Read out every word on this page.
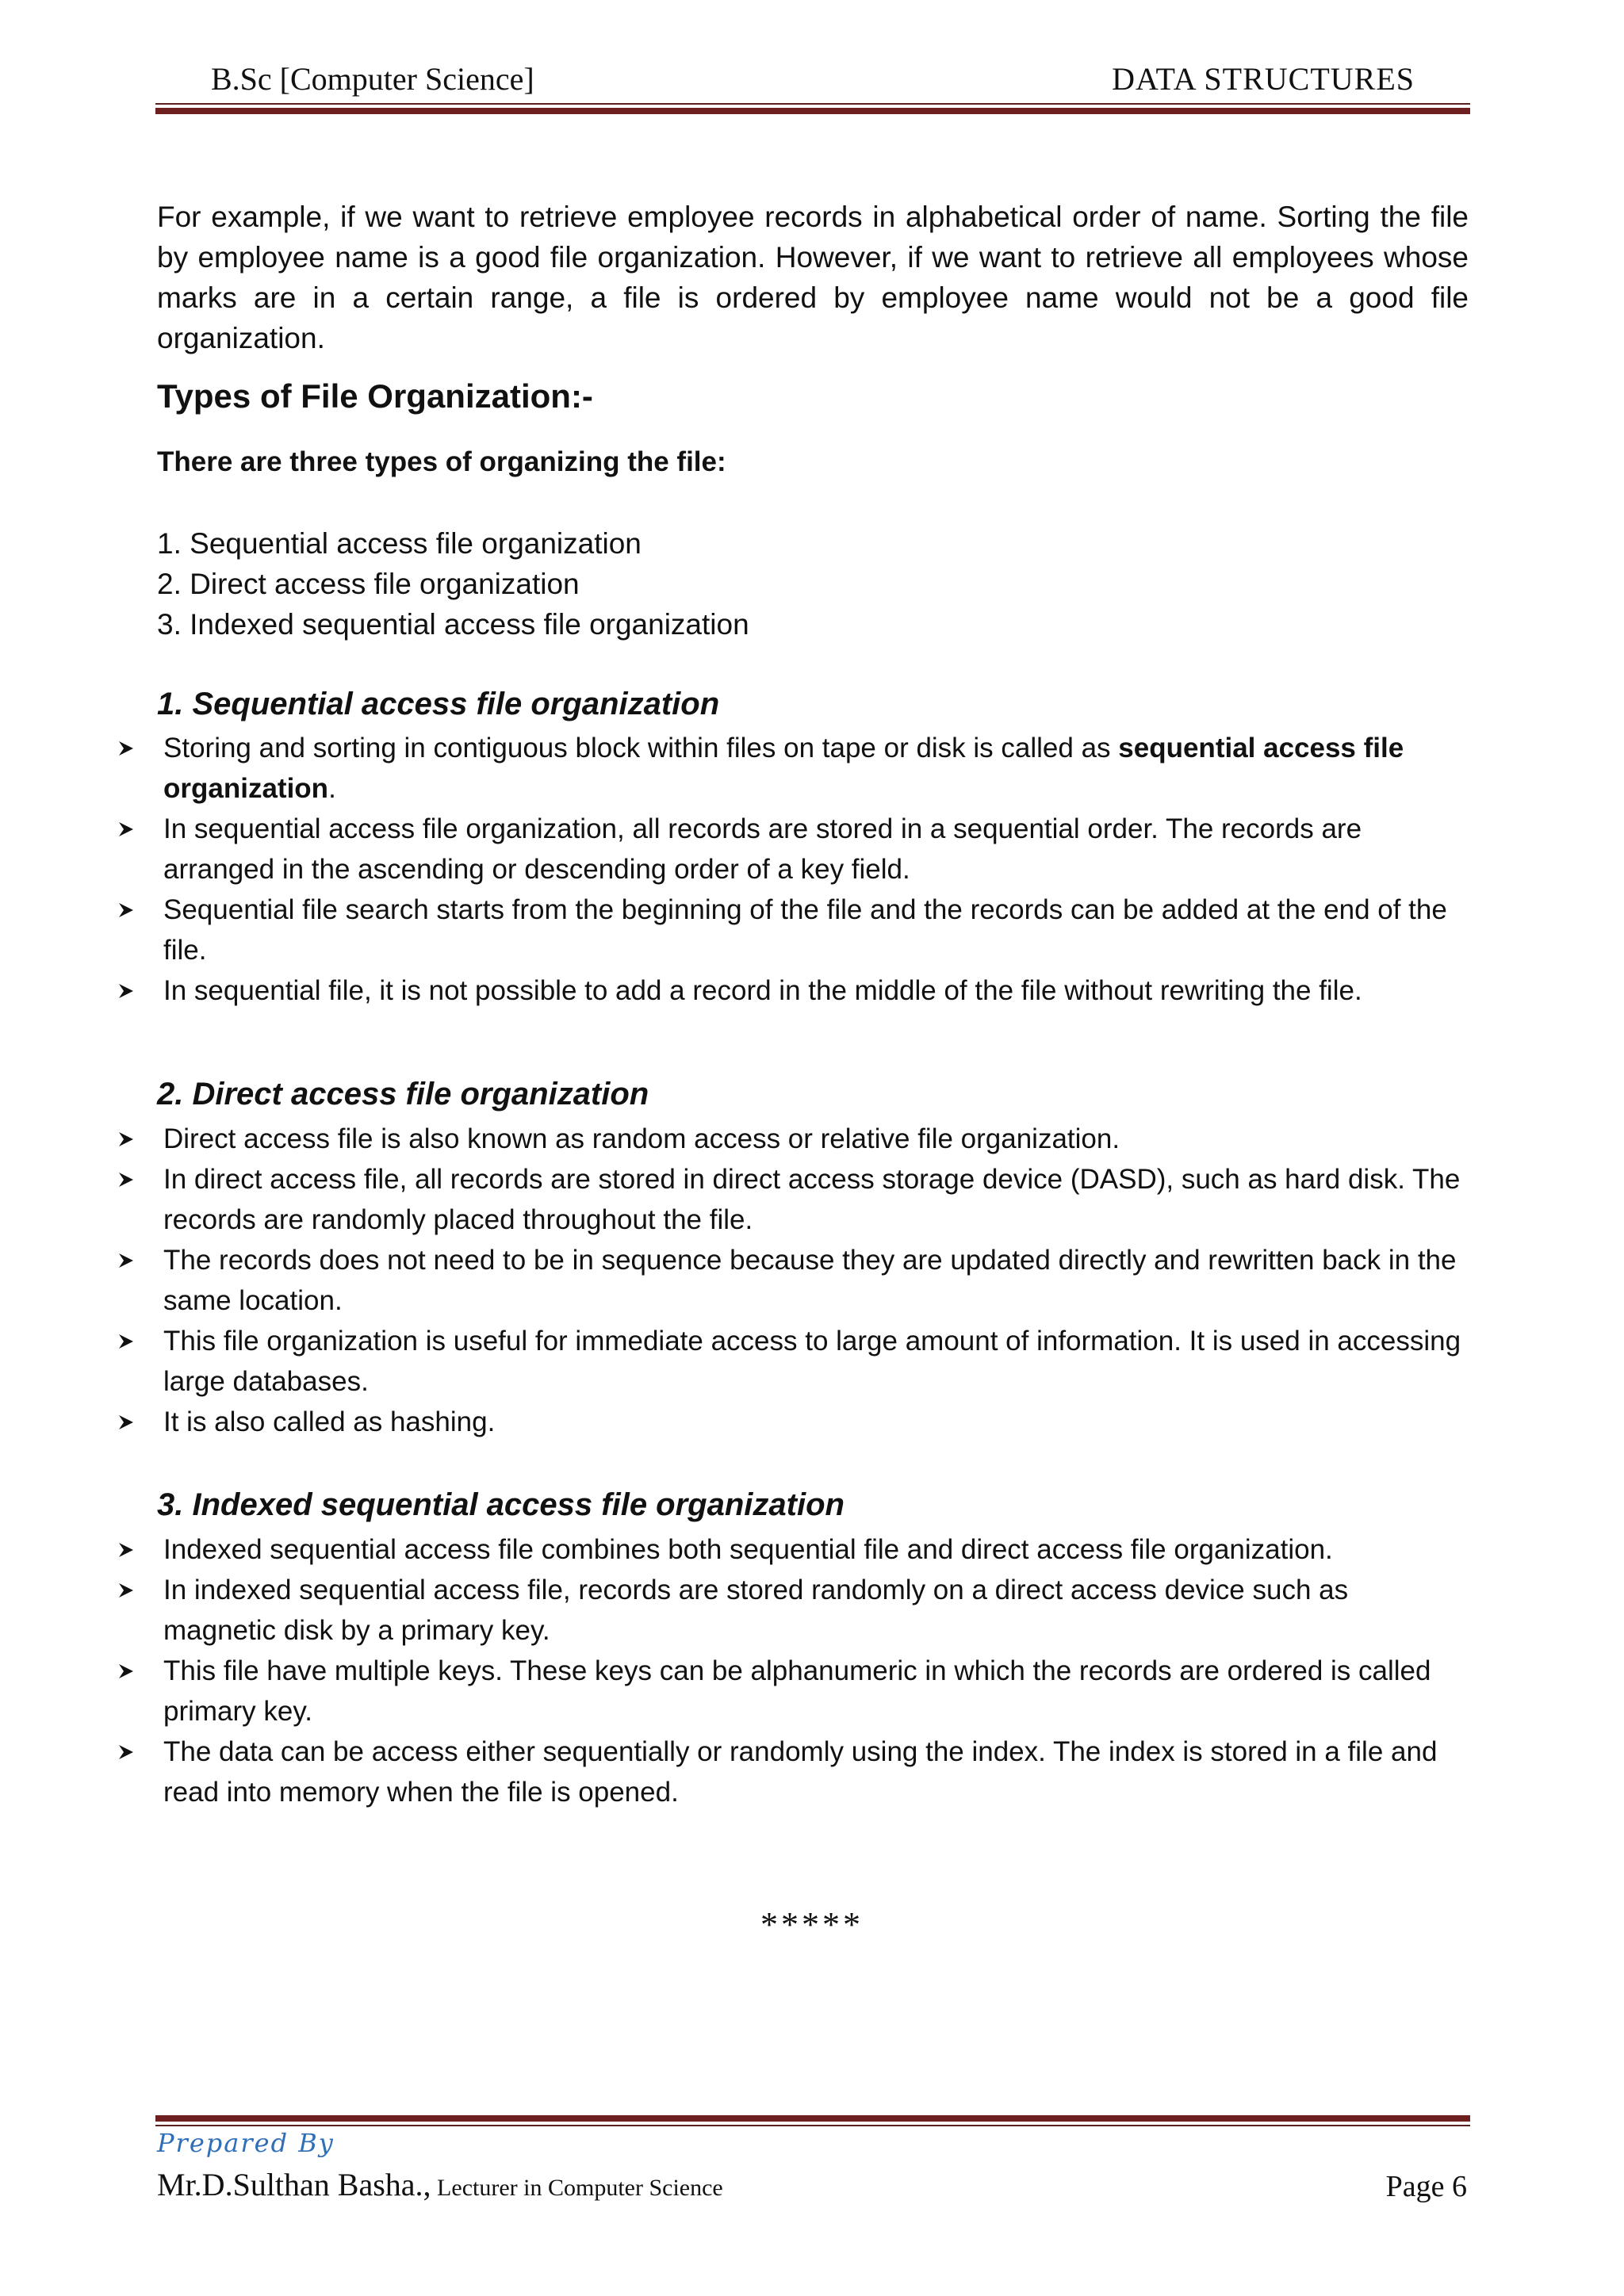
B.Sc [Computer Science]	DATA STRUCTURES

For example, if we want to retrieve employee records in alphabetical order of name. Sorting the file by employee name is a good file organization. However, if we want to retrieve all employees whose marks are in a certain range, a file is ordered by employee name would not be a good file organization.

Types of File Organization:-
There are three types of organizing the file:
1. Sequential access file organization
2. Direct access file organization
3. Indexed sequential access file organization
1. Sequential access file organization
Storing and sorting in contiguous block within files on tape or disk is called as sequential access file organization.
In sequential access file organization, all records are stored in a sequential order. The records are arranged in the ascending or descending order of a key field.
Sequential file search starts from the beginning of the file and the records can be added at the end of the file.
In sequential file, it is not possible to add a record in the middle of the file without rewriting the file.
2. Direct access file organization
Direct access file is also known as random access or relative file organization.
In direct access file, all records are stored in direct access storage device (DASD), such as hard disk. The records are randomly placed throughout the file.
The records does not need to be in sequence because they are updated directly and rewritten back in the same location.
This file organization is useful for immediate access to large amount of information. It is used in accessing large databases.
It is also called as hashing.
3. Indexed sequential access file organization
Indexed sequential access file combines both sequential file and direct access file organization.
In indexed sequential access file, records are stored randomly on a direct access device such as magnetic disk by a primary key.
This file have multiple keys. These keys can be alphanumeric in which the records are ordered is called primary key.
The data can be access either sequentially or randomly using the index. The index is stored in a file and read into memory when the file is opened.
*****
Prepared By
Mr.D.Sulthan Basha., Lecturer in Computer Science	Page 6
